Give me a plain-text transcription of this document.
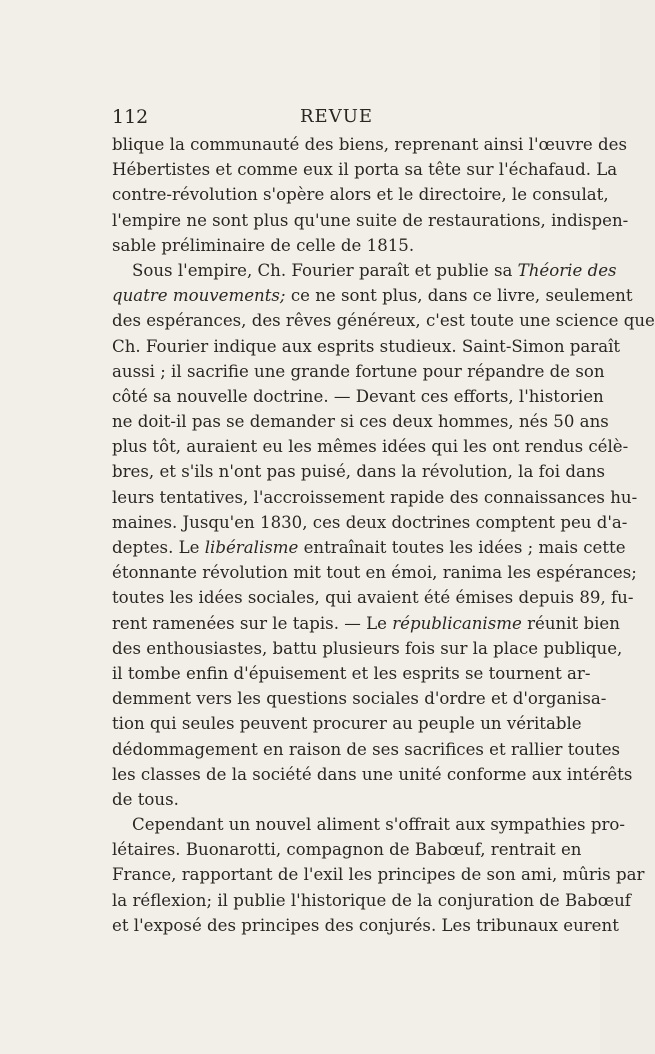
112	REVUE
blique la communauté des biens, reprenant ainsi l'œuvre des
Hébertistes et comme eux il porta sa tête sur l'échafaud. La
contre-révolution s'opère alors et le directoire, le consulat,
l'empire ne sont plus qu'une suite de restaurations, indispen-
sable préliminaire de celle de 1815.
Sous l'empire, Ch. Fourier paraît et publie sa Théorie des
quatre mouvements; ce ne sont plus, dans ce livre, seulement
des espérances, des rêves généreux, c'est toute une science que
Ch. Fourier indique aux esprits studieux. Saint-Simon paraît
aussi ; il sacrifie une grande fortune pour répandre de son
côté sa nouvelle doctrine. — Devant ces efforts, l'historien
ne doit-il pas se demander si ces deux hommes, nés 50 ans
plus tôt, auraient eu les mêmes idées qui les ont rendus célè-
bres, et s'ils n'ont pas puisé, dans la révolution, la foi dans
leurs tentatives, l'accroissement rapide des connaissances hu-
maines. Jusqu'en 1830, ces deux doctrines comptent peu d'a-
deptes. Le libéralisme entraînait toutes les idées ; mais cette
étonnante révolution mit tout en émoi, ranima les espérances;
toutes les idées sociales, qui avaient été émises depuis 89, fu-
rent ramenées sur le tapis. — Le républicanisme réunit bien
des enthousiastes, battu plusieurs fois sur la place publique,
il tombe enfin d'épuisement et les esprits se tournent ar-
demment vers les questions sociales d'ordre et d'organisa-
tion qui seules peuvent procurer au peuple un véritable
dédommagement en raison de ses sacrifices et rallier toutes
les classes de la société dans une unité conforme aux intérêts
de tous.
Cependant un nouvel aliment s'offrait aux sympathies pro-
létaires. Buonarotti, compagnon de Babœuf, rentrait en
France, rapportant de l'exil les principes de son ami, mûris par
la réflexion; il publie l'historique de la conjuration de Babœuf
et l'exposé des principes des conjurés. Les tribunaux eurent
